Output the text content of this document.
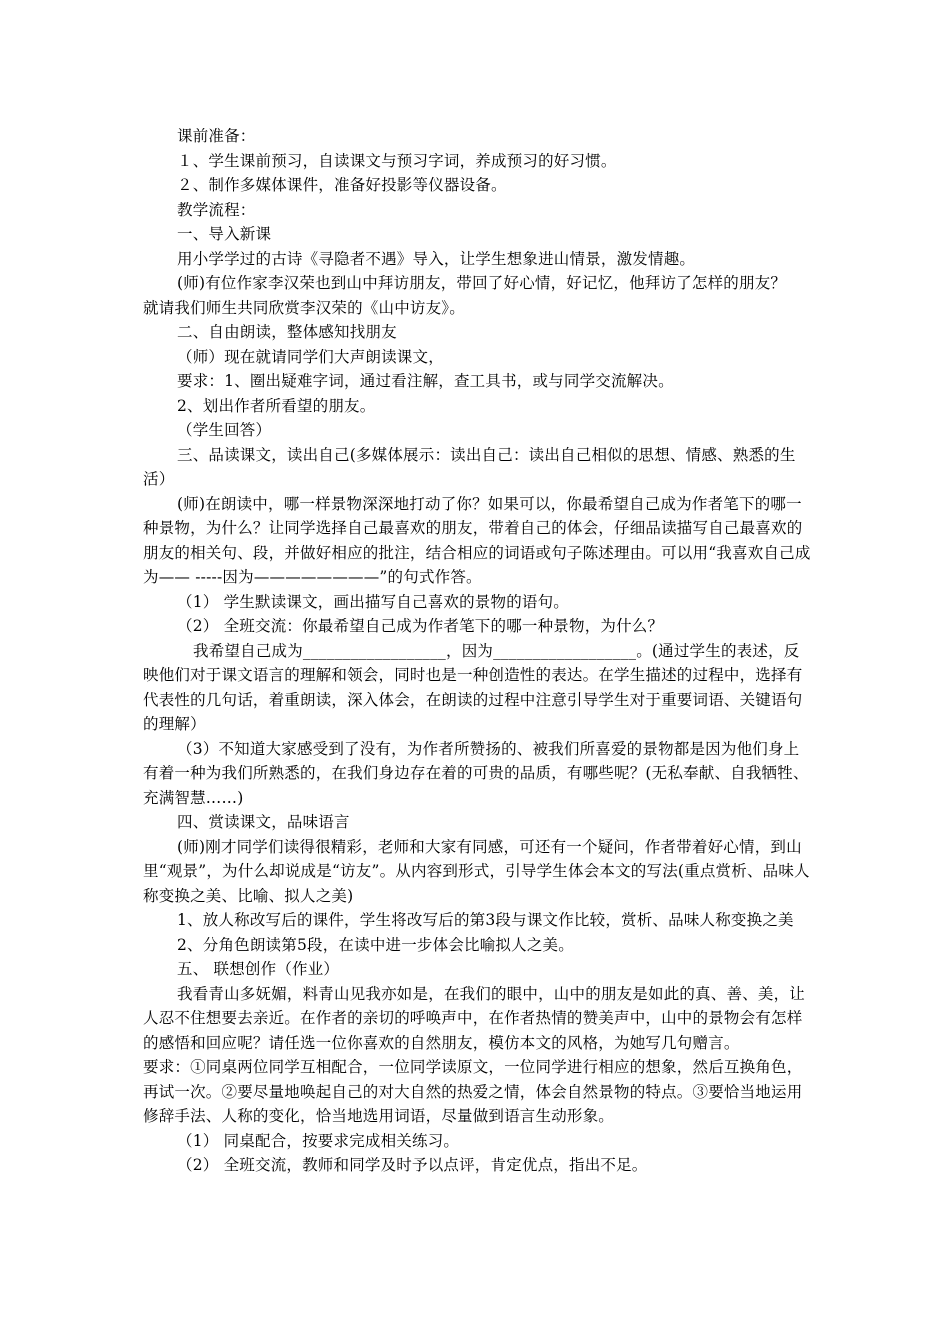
课前准备：

１、学生课前预习，自读课文与预习字词，养成预习的好习惯。

２、制作多媒体课件，准备好投影等仪器设备。

教学流程：

一、导入新课

用小学学过的古诗《寻隐者不遇》导入，让学生想象进山情景，激发情趣。

(师)有位作家李汉荣也到山中拜访朋友，带回了好心情，好记忆，他拜访了怎样的朋友？

就请我们师生共同欣赏李汉荣的《山中访友》。

二、自由朗读，整体感知找朋友

（师）现在就请同学们大声朗读课文，

要求：1、圈出疑难字词，通过看注解，查工具书，或与同学交流解决。

2、划出作者所看望的朋友。

（学生回答）

三、品读课文，读出自己(多媒体展示：读出自己：读出自己相似的思想、情感、熟悉的生活）

(师)在朗读中，哪一样景物深深地打动了你？如果可以，你最希望自己成为作者笔下的哪一种景物，为什么？让同学选择自己最喜欢的朋友，带着自己的体会，仔细品读描写自己最喜欢的朋友的相关句、段，并做好相应的批注，结合相应的词语或句子陈述理由。可以用“我喜欢自己成为—— -----因为————————”的句式作答。

（1） 学生默读课文，画出描写自己喜欢的景物的语句。

（2） 全班交流：你最希望自己成为作者笔下的哪一种景物，为什么？

我希望自己成为__________________，因为__________________。(通过学生的表述，反映他们对于课文语言的理解和领会，同时也是一种创造性的表达。在学生描述的过程中，选择有代表性的几句话，着重朗读，深入体会，在朗读的过程中注意引导学生对于重要词语、关键语句的理解）

（3）不知道大家感受到了没有，为作者所赞扬的、被我们所喜爱的景物都是因为他们身上有着一种为我们所熟悉的，在我们身边存在着的可贵的品质，有哪些呢？(无私奉献、自我牺牲、充满智慧……)

四、赏读课文，品味语言

(师)刚才同学们读得很精彩，老师和大家有同感，可还有一个疑问，作者带着好心情，到山里“观景”，为什么却说成是“访友”。从内容到形式，引导学生体会本文的写法(重点赏析、品味人称变换之美、比喻、拟人之美)

1、放人称改写后的课件，学生将改写后的第3段与课文作比较，赏析、品味人称变换之美

2、分角色朗读第5段，在读中进一步体会比喻拟人之美。

五、 联想创作（作业）

我看青山多妩媚，料青山见我亦如是，在我们的眼中，山中的朋友是如此的真、善、美，让人忍不住想要去亲近。在作者的亲切的呼唤声中，在作者热情的赞美声中，山中的景物会有怎样的感悟和回应呢？请任选一位你喜欢的自然朋友，模仿本文的风格，为她写几句赠言。

要求：①同桌两位同学互相配合，一位同学读原文，一位同学进行相应的想象，然后互换角色，再试一次。②要尽量地唤起自己的对大自然的热爱之情，体会自然景物的特点。③要恰当地运用修辞手法、人称的变化，恰当地选用词语，尽量做到语言生动形象。

（1） 同桌配合，按要求完成相关练习。

（2） 全班交流，教师和同学及时予以点评，肯定优点，指出不足。
